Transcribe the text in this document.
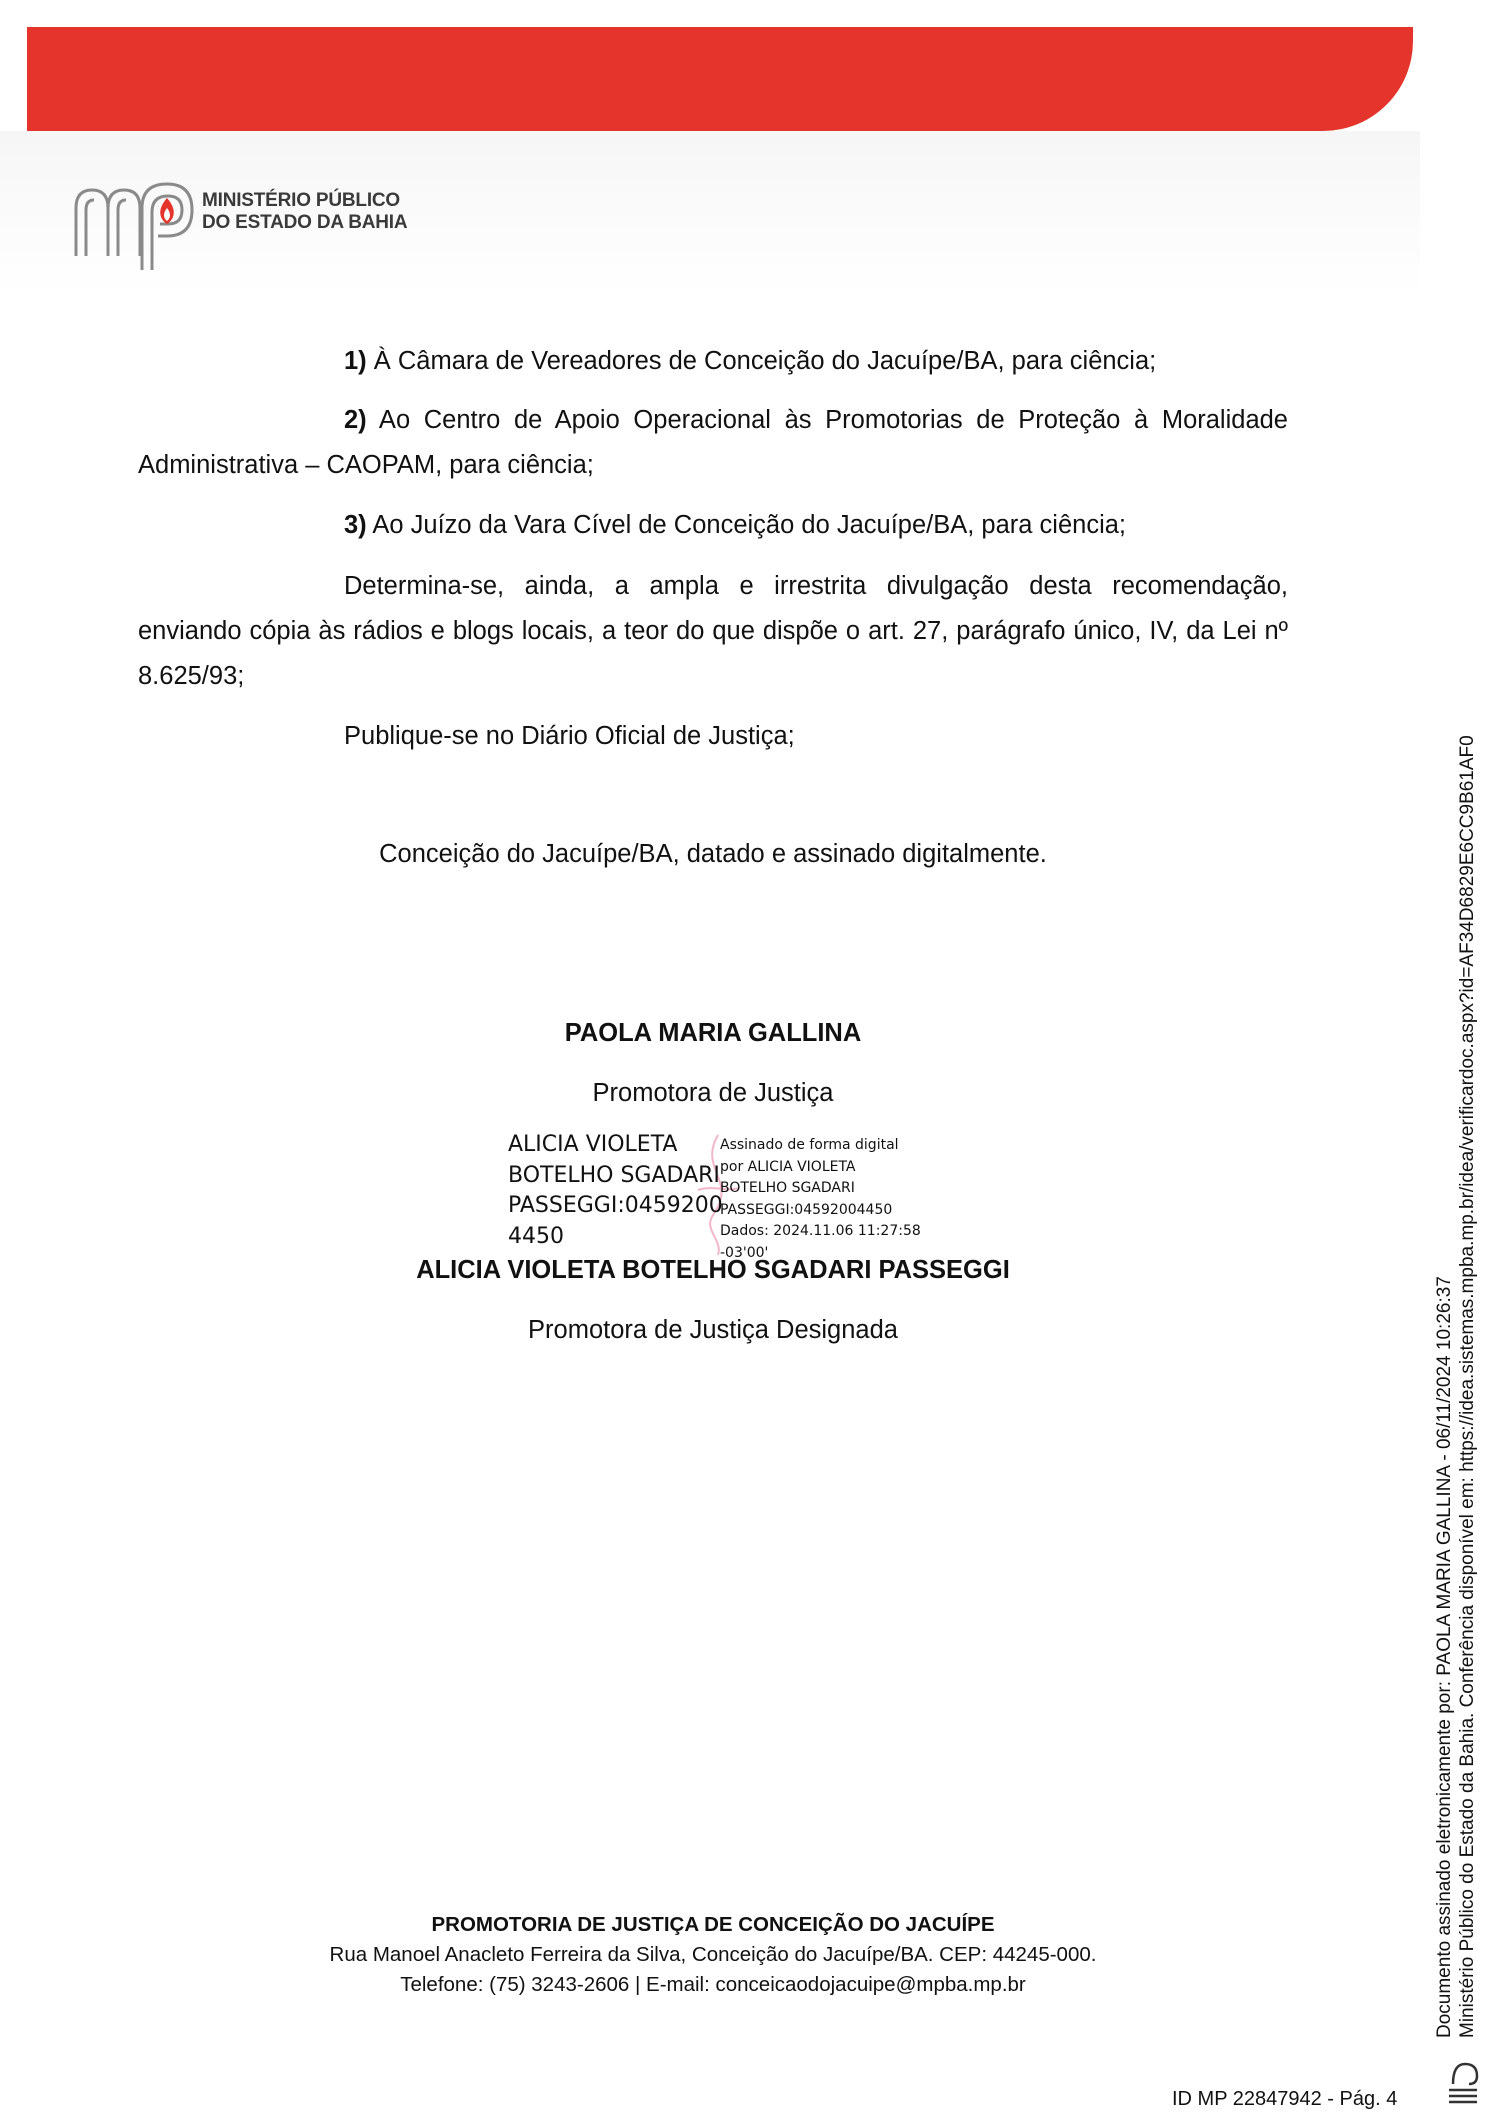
MINISTÉRIO PÚBLICO
DO ESTADO DA BAHIA
1) À Câmara de Vereadores de Conceição do Jacuípe/BA, para ciência;
2) Ao Centro de Apoio Operacional às Promotorias de Proteção à Moralidade Administrativa – CAOPAM, para ciência;
3) Ao Juízo da Vara Cível de Conceição do Jacuípe/BA, para ciência;
Determina-se, ainda, a ampla e irrestrita divulgação desta recomendação, enviando cópia às rádios e blogs locais, a teor do que dispõe o art. 27, parágrafo único, IV, da Lei nº 8.625/93;
Publique-se no Diário Oficial de Justiça;
Conceição do Jacuípe/BA, datado e assinado digitalmente.
PAOLA MARIA GALLINA
Promotora de Justiça
ALICIA VIOLETA
BOTELHO SGADARI
PASSEGGI:0459200
4450
Assinado de forma digital
por ALICIA VIOLETA
BOTELHO SGADARI
PASSEGGI:04592004450
Dados: 2024.11.06 11:27:58
-03'00'
ALICIA VIOLETA BOTELHO SGADARI PASSEGGI
Promotora de Justiça Designada
PROMOTORIA DE JUSTIÇA DE CONCEIÇÃO DO JACUÍPE
Rua Manoel Anacleto Ferreira da Silva, Conceição do Jacuípe/BA. CEP: 44245-000.
Telefone: (75) 3243-2606 | E-mail: conceicaodojacuipe@mpba.mp.br	Documento assinado eletronicamente por: PAOLA MARIA GALLINA - 06/11/2024 10:26:37 Ministério Público do Estado da Bahia. Conferência disponível em: https://idea.sistemas.mpba.mp.br/idea/verificardoc.aspx?id=AF34D6829E6CC9B61AF0
ID MP 22847942 - Pág. 4
